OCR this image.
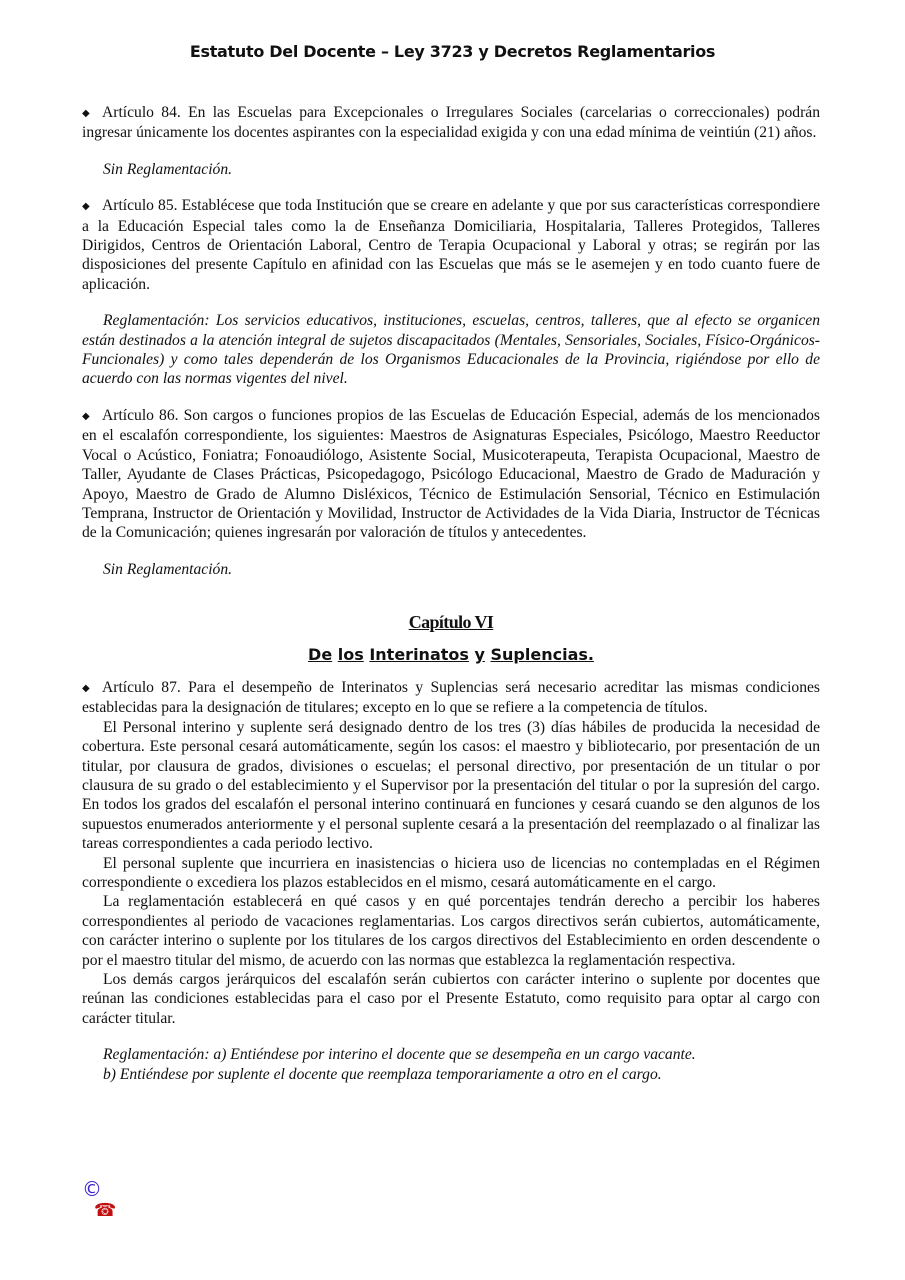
Estatuto Del Docente – Ley 3723 y Decretos Reglamentarios

◆ Artículo 84. En las Escuelas para Excepcionales o Irregulares Sociales (carcelarias o correccionales) podrán ingresar únicamente los docentes aspirantes con la especialidad exigida y con una edad mínima de veintiún (21) años.

Sin Reglamentación.

◆ Artículo 85. Establécese que toda Institución que se creare en adelante y que por sus características correspondiere a la Educación Especial tales como la de Enseñanza Domiciliaria, Hospitalaria, Talleres Protegidos, Talleres Dirigidos, Centros de Orientación Laboral, Centro de Terapia Ocupacional y Laboral y otras; se regirán por las disposiciones del presente Capítulo en afinidad con las Escuelas que más se le asemejen y en todo cuanto fuere de aplicación.

Reglamentación: Los servicios educativos, instituciones, escuelas, centros, talleres, que al efecto se organicen están destinados a la atención integral de sujetos discapacitados (Mentales, Sensoriales, Sociales, Físico-Orgánicos-Funcionales) y como tales dependerán de los Organismos Educacionales de la Provincia, rigiéndose por ello de acuerdo con las normas vigentes del nivel.

◆ Artículo 86. Son cargos o funciones propios de las Escuelas de Educación Especial, además de los mencionados en el escalafón correspondiente, los siguientes: Maestros de Asignaturas Especiales, Psicólogo, Maestro Reeductor Vocal o Acústico, Foniatra; Fonoaudiólogo, Asistente Social, Musicoterapeuta, Terapista Ocupacional, Maestro de Taller, Ayudante de Clases Prácticas, Psicopedagogo, Psicólogo Educacional, Maestro de Grado de Maduración y Apoyo, Maestro de Grado de Alumno Disléxicos, Técnico de Estimulación Sensorial, Técnico en Estimulación Temprana, Instructor de Orientación y Movilidad, Instructor de Actividades de la Vida Diaria, Instructor de Técnicas de la Comunicación; quienes ingresarán por valoración de títulos y antecedentes.

Sin Reglamentación.

Capítulo VI
De los Interinatos y Suplencias.

◆ Artículo 87. Para el desempeño de Interinatos y Suplencias será necesario acreditar las mismas condiciones establecidas para la designación de titulares; excepto en lo que se refiere a la competencia de títulos.

El Personal interino y suplente será designado dentro de los tres (3) días hábiles de producida la necesidad de cobertura. Este personal cesará automáticamente, según los casos: el maestro y bibliotecario, por presentación de un titular, por clausura de grados, divisiones o escuelas; el personal directivo, por presentación de un titular o por clausura de su grado o del establecimiento y el Supervisor por la presentación del titular o por la supresión del cargo. En todos los grados del escalafón el personal interino continuará en funciones y cesará cuando se den algunos de los supuestos enumerados anteriormente y el personal suplente cesará a la presentación del reemplazado o al finalizar las tareas correspondientes a cada periodo lectivo.

El personal suplente que incurriera en inasistencias o hiciera uso de licencias no contempladas en el Régimen correspondiente o excediera los plazos establecidos en el mismo, cesará automáticamente en el cargo.

La reglamentación establecerá en qué casos y en qué porcentajes tendrán derecho a percibir los haberes correspondientes al periodo de vacaciones reglamentarias. Los cargos directivos serán cubiertos, automáticamente, con carácter interino o suplente por los titulares de los cargos directivos del Establecimiento en orden descendente o por el maestro titular del mismo, de acuerdo con las normas que establezca la reglamentación respectiva.

Los demás cargos jerárquicos del escalafón serán cubiertos con carácter interino o suplente por docentes que reúnan las condiciones establecidas para el caso por el Presente Estatuto, como requisito para optar al cargo con carácter titular.

Reglamentación: a) Entiéndese por interino el docente que se desempeña en un cargo vacante.

b) Entiéndese por suplente el docente que reemplaza temporariamente a otro en el cargo.

©
☎
